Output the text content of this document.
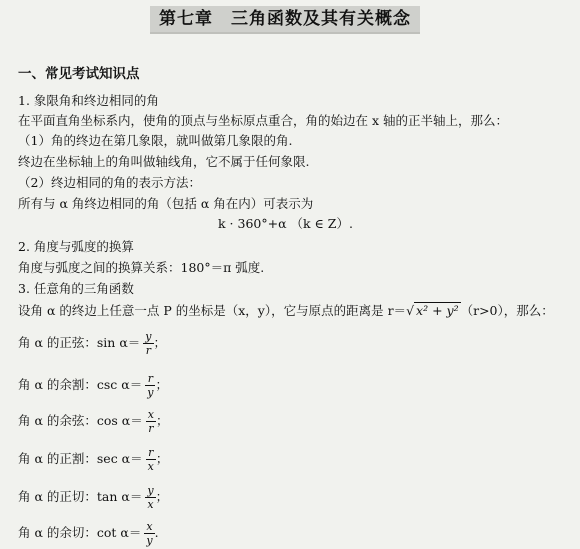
第七章　三角函数及其有关概念
一、常见考试知识点
1. 象限角和终边相同的角
在平面直角坐标系内，使角的顶点与坐标原点重合，角的始边在 x 轴的正半轴上，那么：
（1）角的终边在第几象限，就叫做第几象限的角.
终边在坐标轴上的角叫做轴线角，它不属于任何象限.
（2）终边相同的角的表示方法：
所有与 α 角终边相同的角（包括 α 角在内）可表示为
k · 360°+α （k ∈ Z）.
2. 角度与弧度的换算
角度与弧度之间的换算关系：180°＝π 弧度.
3. 任意角的三角函数
设角 α 的终边上任意一点 P 的坐标是（x，y），它与原点的距离是 r＝√ x² + y² （r>0），那么：
角 α 的正弦：$\sin \alpha= \frac{y}{r}$ ；
角 α 的余割：$\csc \alpha= \frac{r}{y}$ ；
角 α 的余弦：$\cos \alpha= \frac{x}{r}$ ；
角 α 的正割：$\sec \alpha= \frac{r}{x}$ ；
角 α 的正切：$\tan \alpha= \frac{y}{x}$ ；
角 α 的余切：$\cot \alpha= \frac{x}{y}$ .
